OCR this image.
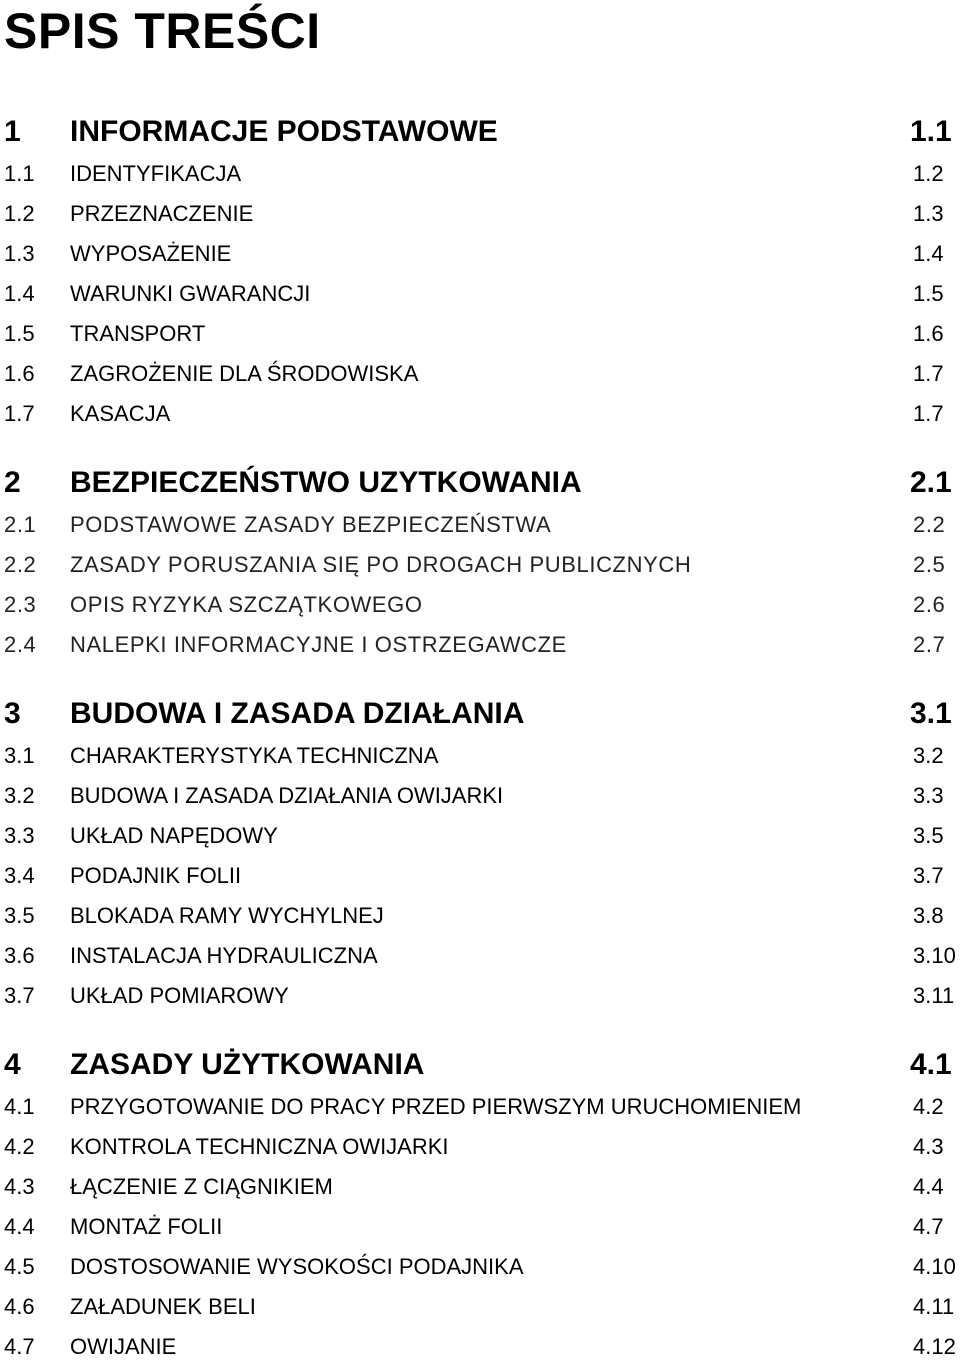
SPIS TREŚCI
1 INFORMACJE PODSTAWOWE	1.1
1.1 IDENTYFIKACJA	1.2
1.2 PRZEZNACZENIE	1.3
1.3 WYPOSAŻENIE	1.4
1.4 WARUNKI GWARANCJI	1.5
1.5 TRANSPORT	1.6
1.6 ZAGROŻENIE DLA ŚRODOWISKA	1.7
1.7 KASACJA	1.7
2 BEZPIECZEŃSTWO UZYTKOWANIA	2.1
2.1 PODSTAWOWE ZASADY BEZPIECZEŃSTWA	2.2
2.2 ZASADY PORUSZANIA SIĘ PO DROGACH PUBLICZNYCH	2.5
2.3 OPIS RYZYKA SZCZĄTKOWEGO	2.6
2.4 NALEPKI INFORMACYJNE I OSTRZEGAWCZE	2.7
3 BUDOWA I ZASADA DZIAŁANIA	3.1
3.1 CHARAKTERYSTYKA TECHNICZNA	3.2
3.2 BUDOWA I ZASADA DZIAŁANIA OWIJARKI	3.3
3.3 UKŁAD NAPĘDOWY	3.5
3.4 PODAJNIK FOLII	3.7
3.5 BLOKADA RAMY WYCHYLNEJ	3.8
3.6 INSTALACJA HYDRAULICZNA	3.10
3.7 UKŁAD POMIAROWY	3.11
4 ZASADY UŻYTKOWANIA	4.1
4.1 PRZYGOTOWANIE DO PRACY PRZED PIERWSZYM URUCHOMIENIEM	4.2
4.2 KONTROLA TECHNICZNA OWIJARKI	4.3
4.3 ŁĄCZENIE Z CIĄGNIKIEM	4.4
4.4 MONTAŻ FOLII	4.7
4.5 DOSTOSOWANIE WYSOKOŚCI PODAJNIKA	4.10
4.6 ZAŁADUNEK BELI	4.11
4.7 OWIJANIE	4.12
